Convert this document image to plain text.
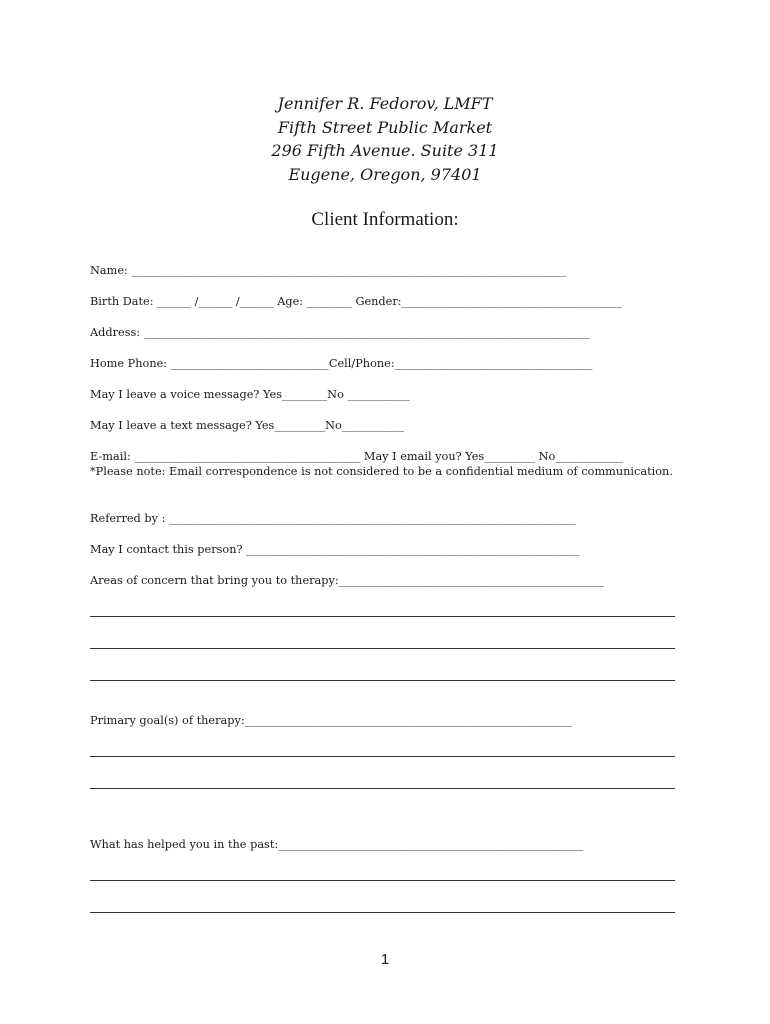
Jennifer R. Fedorov, LMFT
Fifth Street Public Market
296 Fifth Avenue. Suite 311
Eugene, Oregon, 97401
Client Information:
Name: _____________________________________________________________________________
Birth Date: ______ /______ /______ Age: ________ Gender:_______________________________________
Address: _______________________________________________________________________________
Home Phone: ____________________________Cell/Phone:___________________________________
May I leave a voice message? Yes________No ___________
May I leave a text message? Yes_________No___________
E-mail: ________________________________________ May I email you? Yes_________ No____________
*Please note: Email correspondence is not considered to be a confidential medium of communication.
Referred by : ________________________________________________________________________
May I contact this person? ___________________________________________________________
Areas of concern that bring you to therapy:_______________________________________________
Primary goal(s) of therapy:__________________________________________________________
What has helped you in the past:______________________________________________________
1
